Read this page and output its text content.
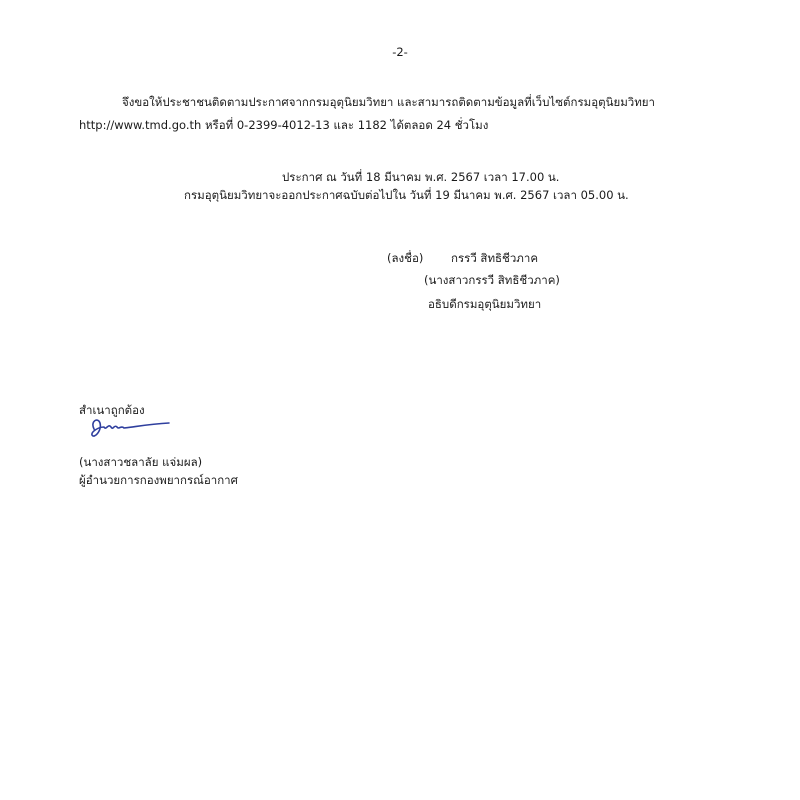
-2-
จึงขอให้ประชาชนติดตามประกาศจากกรมอุตุนิยมวิทยา และสามารถติดตามข้อมูลที่เว็บไซต์กรมอุตุนิยมวิทยา
http://www.tmd.go.th หรือที่ 0-2399-4012-13 และ 1182 ได้ตลอด 24 ชั่วโมง
ประกาศ ณ วันที่ 18 มีนาคม พ.ศ. 2567 เวลา 17.00 น.
กรมอุตุนิยมวิทยาจะออกประกาศฉบับต่อไปใน วันที่ 19 มีนาคม พ.ศ. 2567 เวลา 05.00 น.
(ลงชื่อ) กรรวี สิทธิชีวภาค
(นางสาวกรรวี สิทธิชีวภาค)
อธิบดีกรมอุตุนิยมวิทยา
สำเนาถูกต้อง
(นางสาวชลาลัย แจ่มผล)
ผู้อำนวยการกองพยากรณ์อากาศ
